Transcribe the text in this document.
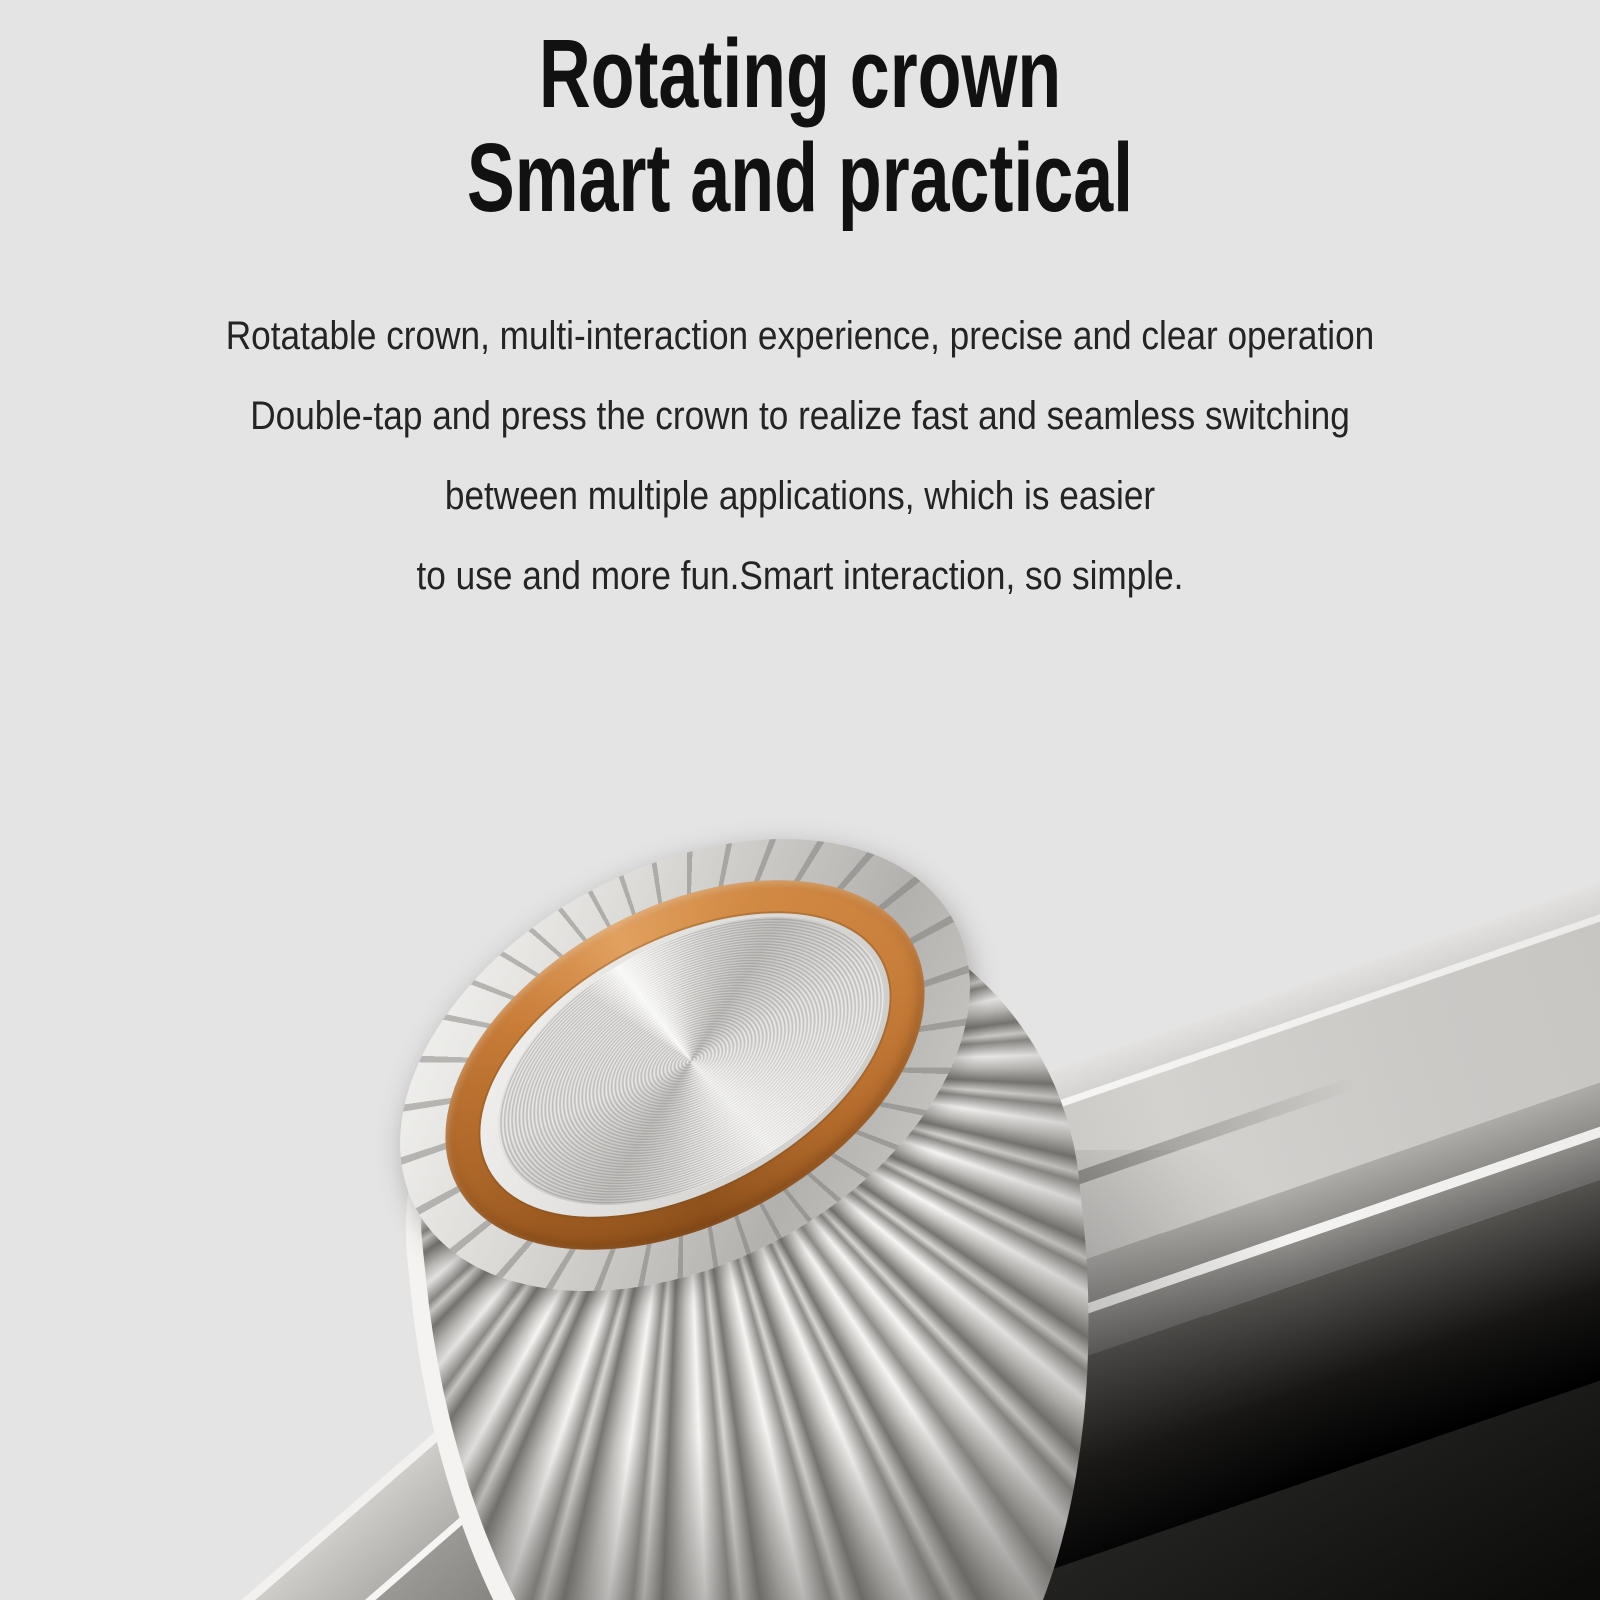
Rotating crown
Smart and practical
Rotatable crown, multi-interaction experience, precise and clear operation
Double-tap and press the crown to realize fast and seamless switching
between multiple applications, which is easier
to use and more fun.Smart interaction, so simple.
